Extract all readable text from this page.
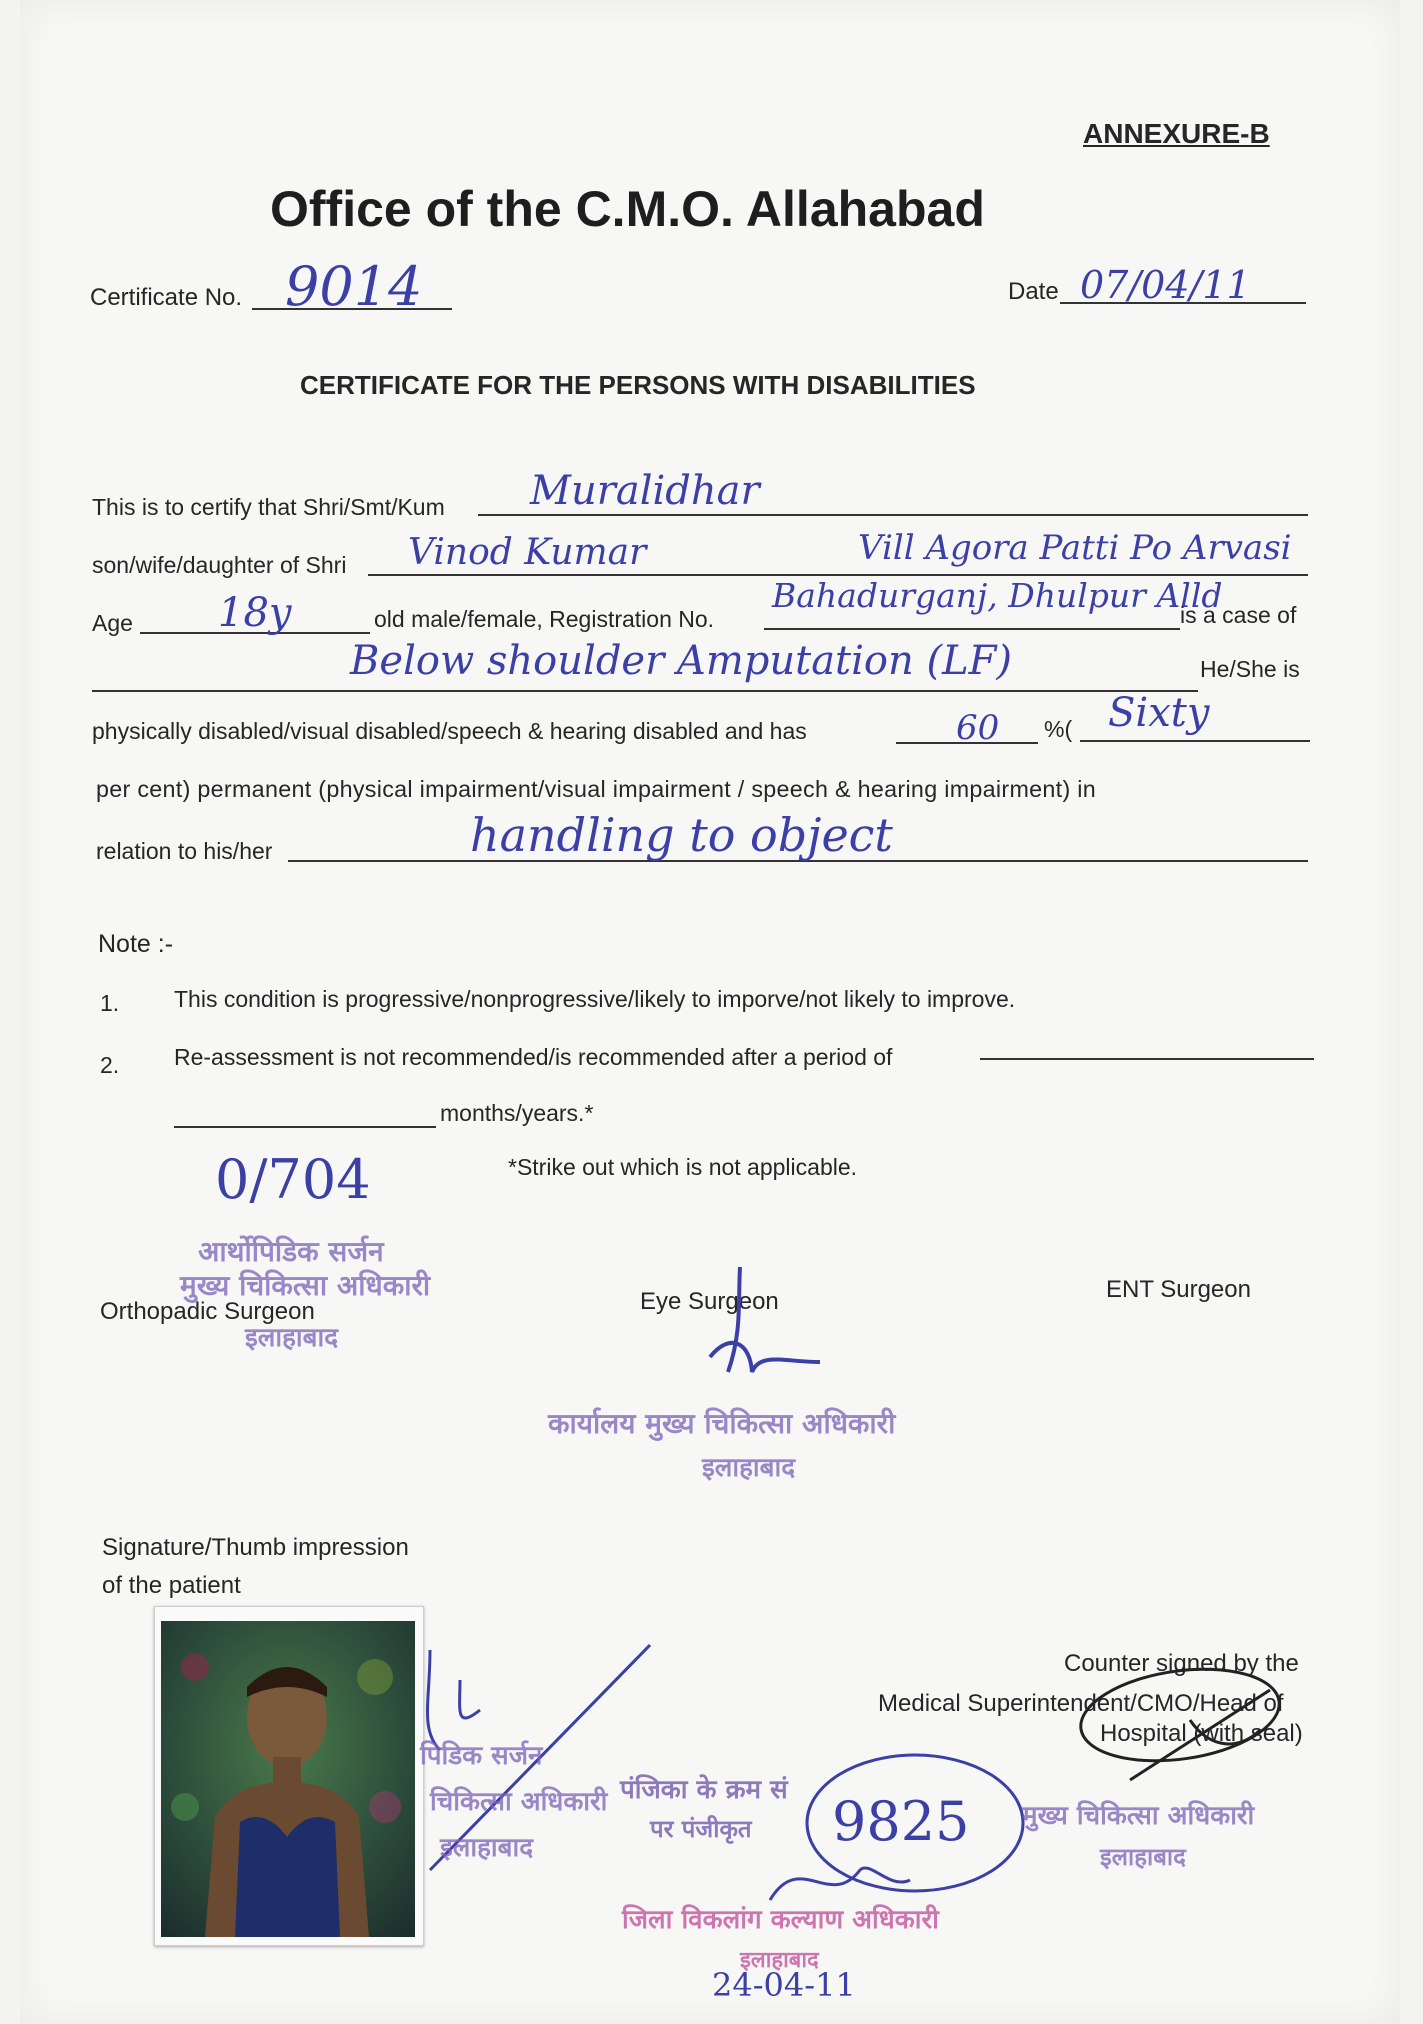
ANNEXURE-B
Office of the C.M.O. Allahabad
Certificate No. 9014	Date 07/04/11
CERTIFICATE FOR THE PERSONS WITH DISABILITIES
This is to certify that Shri/Smt/Kum Muralidhar
son/wife/daughter of Shri Vinod Kumar	Vill Agora Patti Po Arvasi
Age 18y	old male/female, Registration No.
Bahadurganj, Dhulpur Alld
is a case of
Below shoulder Amputation (LF)	He/She is
physically disabled/visual disabled/speech & hearing disabled and has	60 %( Sixty
per cent) permanent (physical impairment/visual impairment / speech & hearing impairment) in
relation to his/her	handling to object
Note :-
1. This condition is progressive/nonprogressive/likely to imporve/not likely to improve.
2. Re-assessment is not recommended/is recommended after a period of
months/years.*
*Strike out which is not applicable.
0/704
आर्थोपिडिक सर्जन
मुख्य चिकित्सा अधिकारी
इलाहाबाद
Orthopadic Surgeon	Eye Surgeon
कार्यालय मुख्य चिकित्सा अधिकारी
इलाहाबाद
ENT Surgeon
Signature/Thumb impression
of the patient
पिडिक सर्जन
चिकित्सा अधिकारी
इलाहाबाद
पंजिका के क्रम सं
पर पंजीकृत 9825
जिला विकलांग कल्याण अधिकारी
इलाहाबाद
24-04-11
Counter signed by the
Medical Superintendent/CMO/Head of
Hospital (with seal)
मुख्य चिकित्सा अधिकारी
इलाहाबाद
